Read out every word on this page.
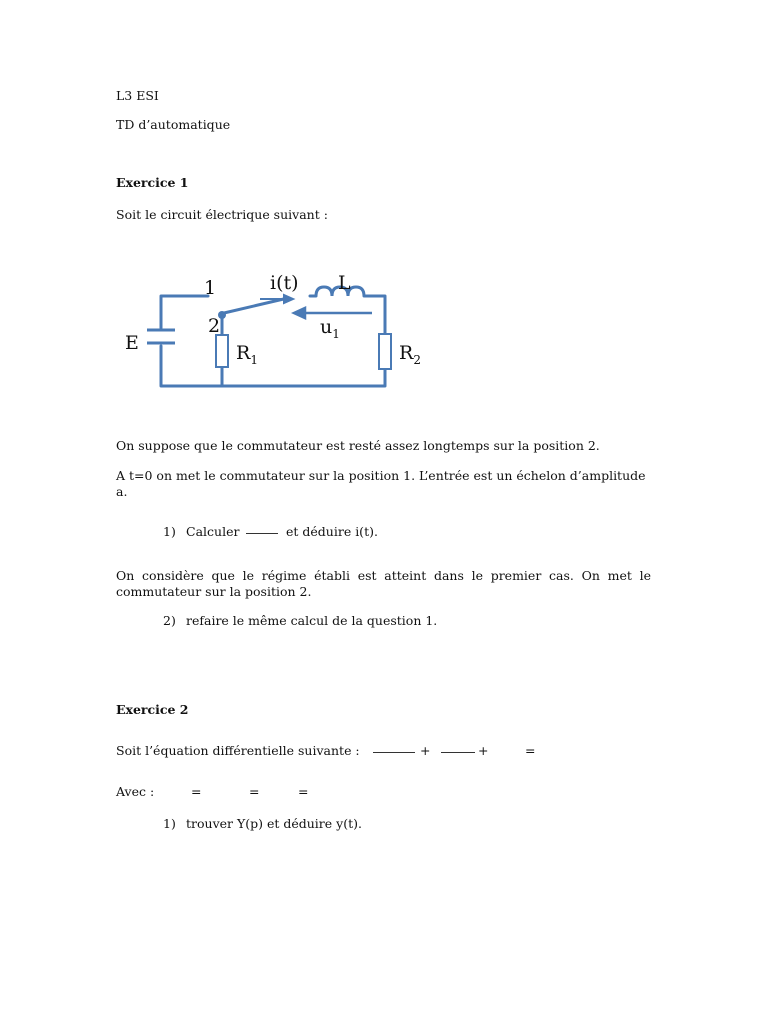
L3 ESI
TD d’automatique
Exercice 1
Soit le circuit électrique suivant :
1
2
i(t) L
$u_1$
E	$R_1$	$R_2$
On suppose que le commutateur est resté assez longtemps sur la position 2.
A t=0 on met le commutateur sur la position 1. L’entrée est un échelon d’amplitude
a.
1) Calculer	et déduire i(t).
On considère que le régime établi est atteint dans le premier cas. On met le
commutateur sur la position 2.
2) refaire le même calcul de la question 1.
Exercice 2
Soit l’équation différentielle suivante :	+	+	=
Avec :	=	=	=
1) trouver Y(p) et déduire y(t).
